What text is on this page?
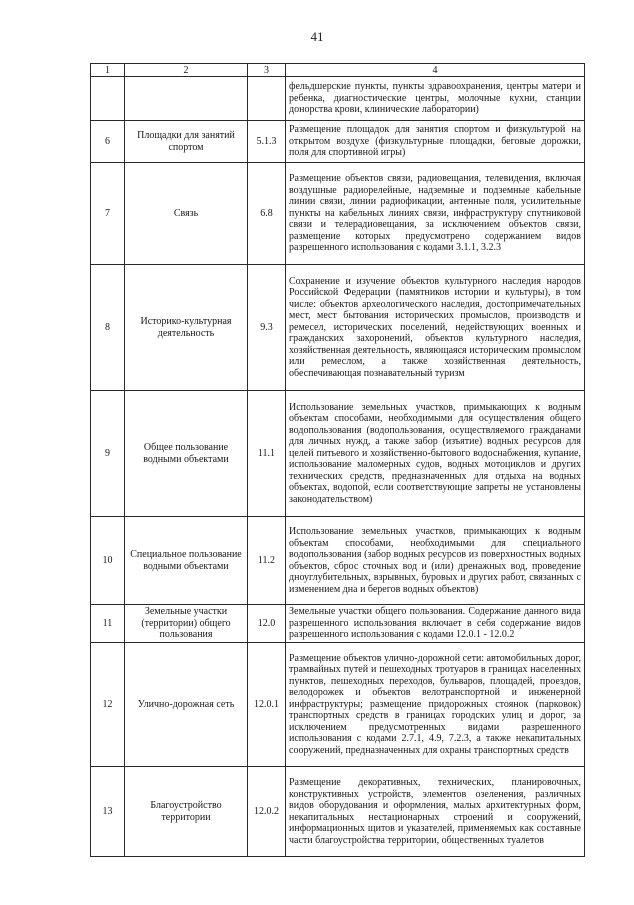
41
1	2	3	4
			фельдшерские пункты, пункты здравоохранения, центры матери и ребенка, диагностические центры, молочные кухни, станции донорства крови, клинические лаборатории)
6	Площадки для занятий спортом	5.1.3	Размещение площадок для занятия спортом и физкультурой на открытом воздухе (физкультурные площадки, беговые дорожки, поля для спортивной игры)
7	Связь	6.8	Размещение объектов связи, радиовещания, телевидения, включая воздушные радиорелейные, надземные и подземные кабельные линии связи, линии радиофикации, антенные поля, усилительные пункты на кабельных линиях связи, инфраструктуру спутниковой связи и телерадиовещания, за исключением объектов связи, размещение которых предусмотрено содержанием видов разрешенного использования с кодами 3.1.1, 3.2.3
8	Историко-культурная деятельность	9.3	Сохранение и изучение объектов культурного наследия народов Российской Федерации (памятников истории и культуры), в том числе: объектов археологического наследия, достопримечательных мест, мест бытования исторических промыслов, производств и ремесел, исторических поселений, недействующих военных и гражданских захоронений, объектов культурного наследия, хозяйственная деятельность, являющаяся историческим промыслом или ремеслом, а также хозяйственная деятельность, обеспечивающая познавательный туризм
9	Общее пользование водными объектами	11.1	Использование земельных участков, примыкающих к водным объектам способами, необходимыми для осуществления общего водопользования (водопользования, осуществляемого гражданами для личных нужд, а также забор (изъятие) водных ресурсов для целей питьевого и хозяйственно-бытового водоснабжения, купание, использование маломерных судов, водных мотоциклов и других технических средств, предназначенных для отдыха на водных объектах, водопой, если соответствующие запреты не установлены законодательством)
10	Специальное пользование водными объектами	11.2	Использование земельных участков, примыкающих к водным объектам способами, необходимыми для специального водопользования (забор водных ресурсов из поверхностных водных объектов, сброс сточных вод и (или) дренажных вод, проведение дноуглубительных, взрывных, буровых и других работ, связанных с изменением дна и берегов водных объектов)
11	Земельные участки (территории) общего пользования	12.0	Земельные участки общего пользования. Содержание данного вида разрешенного использования включает в себя содержание видов разрешенного использования с кодами 12.0.1 - 12.0.2
12	Улично-дорожная сеть	12.0.1	Размещение объектов улично-дорожной сети: автомобильных дорог, трамвайных путей и пешеходных тротуаров в границах населенных пунктов, пешеходных переходов, бульваров, площадей, проездов, велодорожек и объектов велотранспортной и инженерной инфраструктуры; размещение придорожных стоянок (парковок) транспортных средств в границах городских улиц и дорог, за исключением предусмотренных видами разрешенного использования с кодами 2.7.1, 4.9, 7.2.3, а также некапитальных сооружений, предназначенных для охраны транспортных средств
13	Благоустройство территории	12.0.2	Размещение декоративных, технических, планировочных, конструктивных устройств, элементов озеленения, различных видов оборудования и оформления, малых архитектурных форм, некапитальных нестационарных строений и сооружений, информационных щитов и указателей, применяемых как составные части благоустройства территории, общественных туалетов
